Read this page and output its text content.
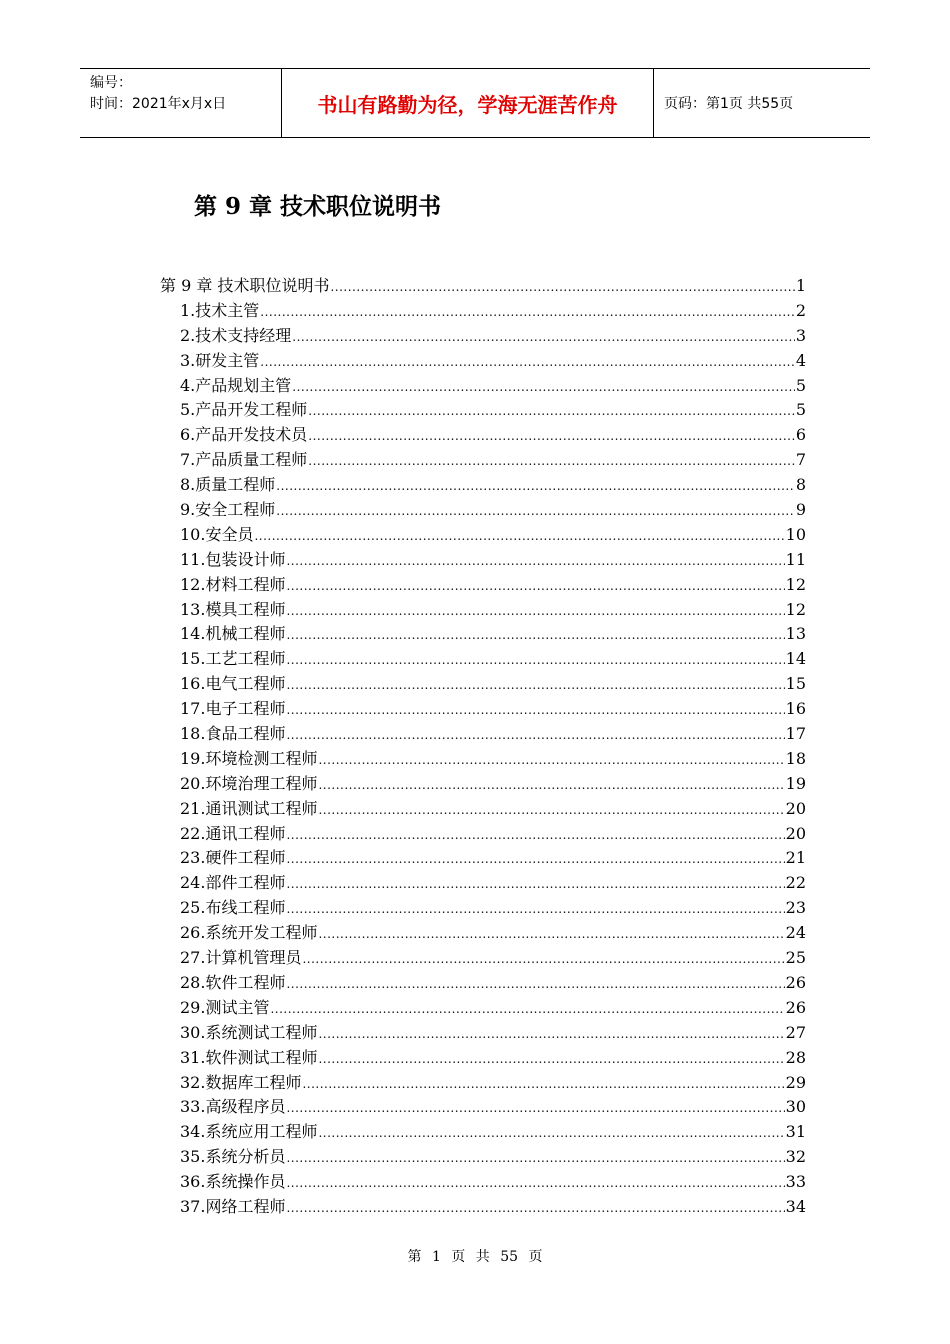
编号：
时间：2021年x月x日	书山有路勤为径，学海无涯苦作舟	页码：第1页 共55页
第 9 章 技术职位说明书
第 9 章 技术职位说明书 .....	1
1.技术主管 .....	2
2.技术支持经理 .....	3
3.研发主管 .....	4
4.产品规划主管 .....	5
5.产品开发工程师 .....	5
6.产品开发技术员 .....	6
7.产品质量工程师 .....	7
8.质量工程师 .....	8
9.安全工程师 .....	9
10.安全员 .....	10
11.包装设计师 .....	11
12.材料工程师 .....	12
13.模具工程师 .....	12
14.机械工程师 .....	13
15.工艺工程师 .....	14
16.电气工程师 .....	15
17.电子工程师 .....	16
18.食品工程师 .....	17
19.环境检测工程师 .....	18
20.环境治理工程师 .....	19
21.通讯测试工程师 .....	20
22.通讯工程师 .....	20
23.硬件工程师 .....	21
24.部件工程师 .....	22
25.布线工程师 .....	23
26.系统开发工程师 .....	24
27.计算机管理员 .....	25
28.软件工程师 .....	26
29.测试主管 .....	26
30.系统测试工程师 .....	27
31.软件测试工程师 .....	28
32.数据库工程师 .....	29
33.高级程序员 .....	30
34.系统应用工程师 .....	31
35.系统分析员 .....	32
36.系统操作员 .....	33
37.网络工程师 .....	34
第 1 页 共 55 页
